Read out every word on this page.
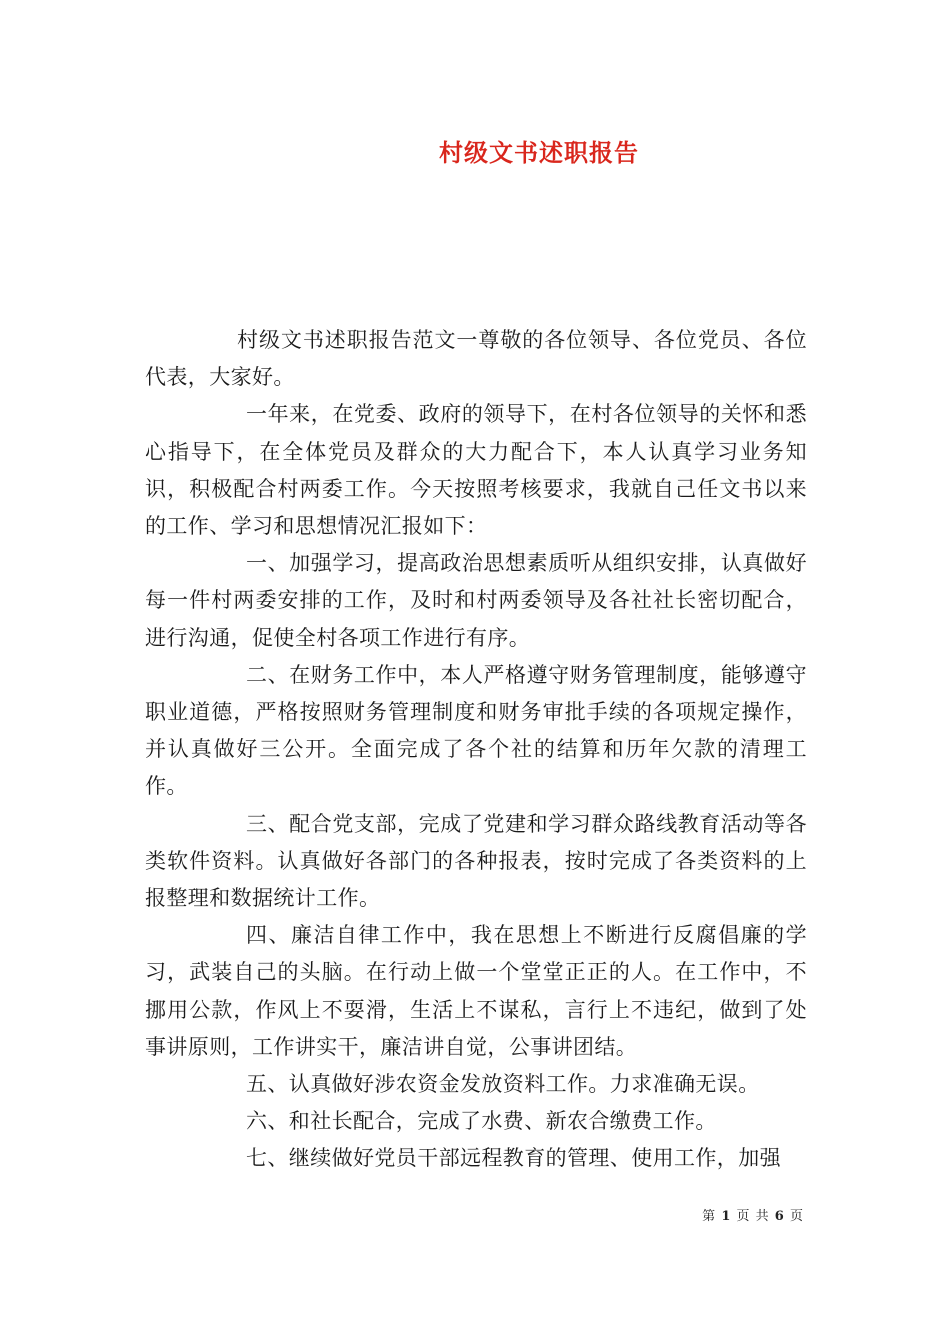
村级文书述职报告

村级文书述职报告范文一尊敬的各位领导、各位党员、各位代表，大家好。

一年来，在党委、政府的领导下，在村各位领导的关怀和悉心指导下，在全体党员及群众的大力配合下，本人认真学习业务知识，积极配合村两委工作。今天按照考核要求，我就自己任文书以来的工作、学习和思想情况汇报如下：

一、加强学习，提高政治思想素质听从组织安排，认真做好每一件村两委安排的工作，及时和村两委领导及各社社长密切配合，进行沟通，促使全村各项工作进行有序。

二、在财务工作中，本人严格遵守财务管理制度，能够遵守职业道德，严格按照财务管理制度和财务审批手续的各项规定操作，并认真做好三公开。全面完成了各个社的结算和历年欠款的清理工作。

三、配合党支部，完成了党建和学习群众路线教育活动等各类软件资料。认真做好各部门的各种报表，按时完成了各类资料的上报整理和数据统计工作。

四、廉洁自律工作中，我在思想上不断进行反腐倡廉的学习，武装自己的头脑。在行动上做一个堂堂正正的人。在工作中，不挪用公款，作风上不耍滑，生活上不谋私，言行上不违纪，做到了处事讲原则，工作讲实干，廉洁讲自觉，公事讲团结。

五、认真做好涉农资金发放资料工作。力求准确无误。

六、和社长配合，完成了水费、新农合缴费工作。

七、继续做好党员干部远程教育的管理、使用工作，加强

第 1 页 共 6 页
